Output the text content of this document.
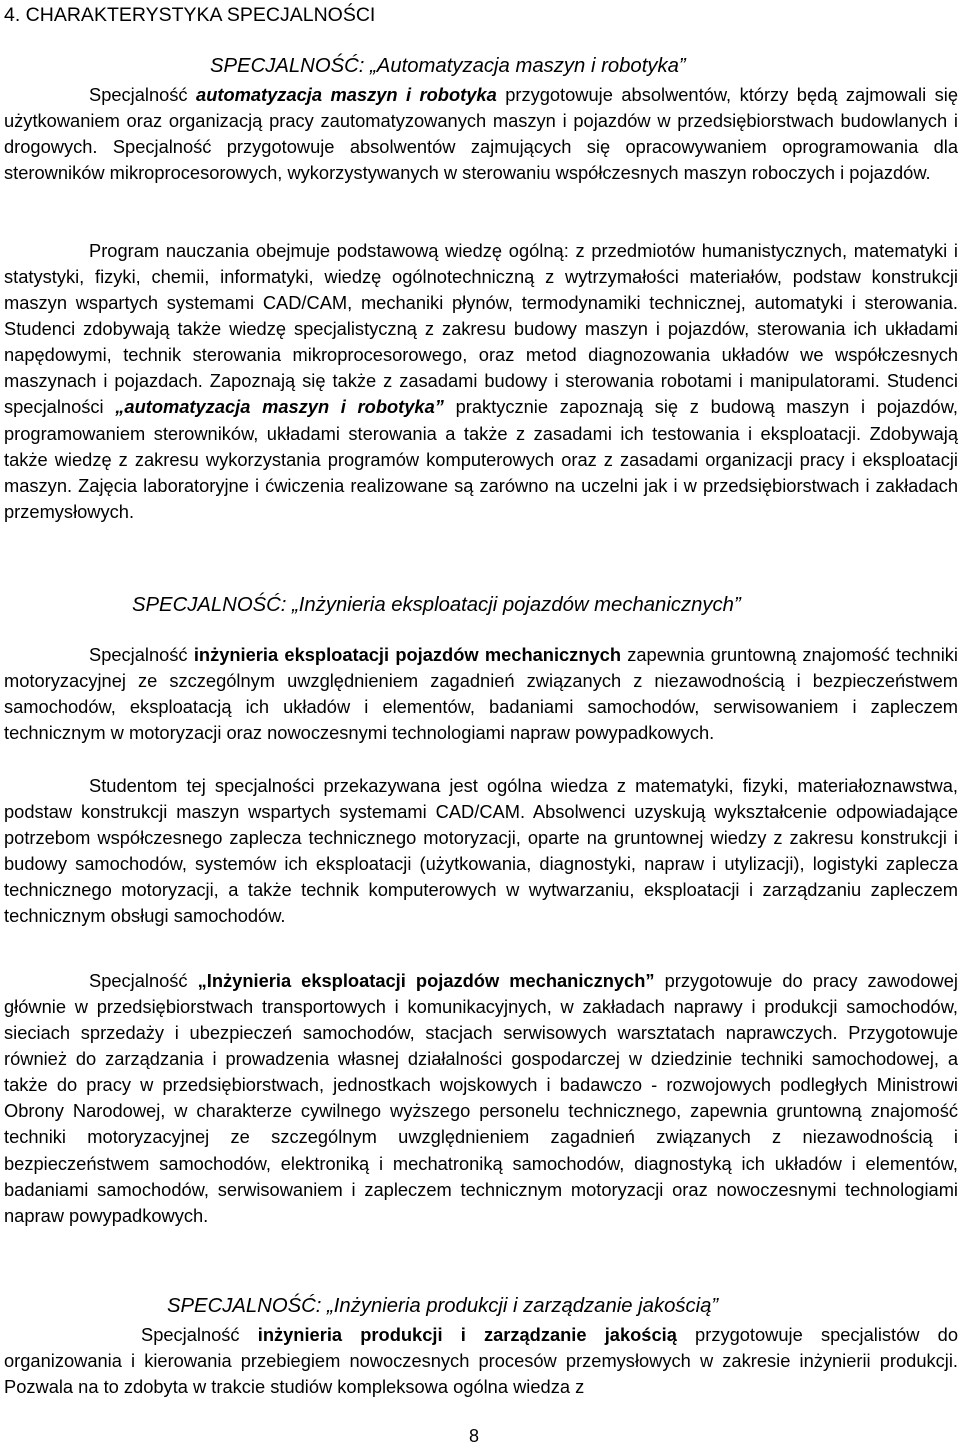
4. CHARAKTERYSTYKA SPECJALNOŚCI
SPECJALNOŚĆ: „Automatyzacja maszyn i robotyka”

Specjalność automatyzacja maszyn i robotyka przygotowuje absolwentów, którzy będą zajmowali się użytkowaniem oraz organizacją pracy zautomatyzowanych maszyn i pojazdów w przedsiębiorstwach budowlanych i drogowych. Specjalność przygotowuje absolwentów zajmujących się opracowywaniem oprogramowania dla sterowników mikroprocesorowych, wykorzystywanych w sterowaniu współczesnych maszyn roboczych i pojazdów.

Program nauczania obejmuje podstawową wiedzę ogólną: z przedmiotów humanistycznych, matematyki i statystyki, fizyki, chemii, informatyki, wiedzę ogólnotechniczną z wytrzymałości materiałów, podstaw konstrukcji maszyn wspartych systemami CAD/CAM, mechaniki płynów, termodynamiki technicznej, automatyki i sterowania. Studenci zdobywają także wiedzę specjalistyczną z zakresu budowy maszyn i pojazdów, sterowania ich układami napędowymi, technik sterowania mikroprocesorowego, oraz metod diagnozowania układów we współczesnych maszynach i pojazdach. Zapoznają się także z zasadami budowy i sterowania robotami i manipulatorami. Studenci specjalności „automatyzacja maszyn i robotyka” praktycznie zapoznają się z budową maszyn i pojazdów, programowaniem sterowników, układami sterowania a także z zasadami ich testowania i eksploatacji. Zdobywają także wiedzę z zakresu wykorzystania programów komputerowych oraz z zasadami organizacji pracy i eksploatacji maszyn. Zajęcia laboratoryjne i ćwiczenia realizowane są zarówno na uczelni jak i w przedsiębiorstwach i zakładach przemysłowych.

SPECJALNOŚĆ: „Inżynieria eksploatacji pojazdów mechanicznych”

Specjalność inżynieria eksploatacji pojazdów mechanicznych zapewnia gruntowną znajomość techniki motoryzacyjnej ze szczególnym uwzględnieniem zagadnień związanych z niezawodnością i bezpieczeństwem samochodów, eksploatacją ich układów i elementów, badaniami samochodów, serwisowaniem i zapleczem technicznym w motoryzacji oraz nowoczesnymi technologiami napraw powypadkowych.

Studentom tej specjalności przekazywana jest ogólna wiedza z matematyki, fizyki, materiałoznawstwa, podstaw konstrukcji maszyn wspartych systemami CAD/CAM. Absolwenci uzyskują wykształcenie odpowiadające potrzebom współczesnego zaplecza technicznego motoryzacji, oparte na gruntownej wiedzy z zakresu konstrukcji i budowy samochodów, systemów ich eksploatacji (użytkowania, diagnostyki, napraw i utylizacji), logistyki zaplecza technicznego motoryzacji, a także technik komputerowych w wytwarzaniu, eksploatacji i zarządzaniu zapleczem technicznym obsługi samochodów.

Specjalność „Inżynieria eksploatacji pojazdów mechanicznych” przygotowuje do pracy zawodowej głównie w przedsiębiorstwach transportowych i komunikacyjnych, w zakładach naprawy i produkcji samochodów, sieciach sprzedaży i ubezpieczeń samochodów, stacjach serwisowych warsztatach naprawczych. Przygotowuje również do zarządzania i prowadzenia własnej działalności gospodarczej w dziedzinie techniki samochodowej, a także do pracy w przedsiębiorstwach, jednostkach wojskowych i badawczo - rozwojowych podległych Ministrowi Obrony Narodowej, w charakterze cywilnego wyższego personelu technicznego, zapewnia gruntowną znajomość techniki motoryzacyjnej ze szczególnym uwzględnieniem zagadnień związanych z niezawodnością i bezpieczeństwem samochodów, elektroniką i mechatroniką samochodów, diagnostyką ich układów i elementów, badaniami samochodów, serwisowaniem i zapleczem technicznym motoryzacji oraz nowoczesnymi technologiami napraw powypadkowych.

SPECJALNOŚĆ: „Inżynieria produkcji i zarządzanie jakością”

Specjalność inżynieria produkcji i zarządzanie jakością przygotowuje specjalistów do organizowania i kierowania przebiegiem nowoczesnych procesów przemysłowych w zakresie inżynierii produkcji. Pozwala na to zdobyta w trakcie studiów kompleksowa ogólna wiedza z

8
